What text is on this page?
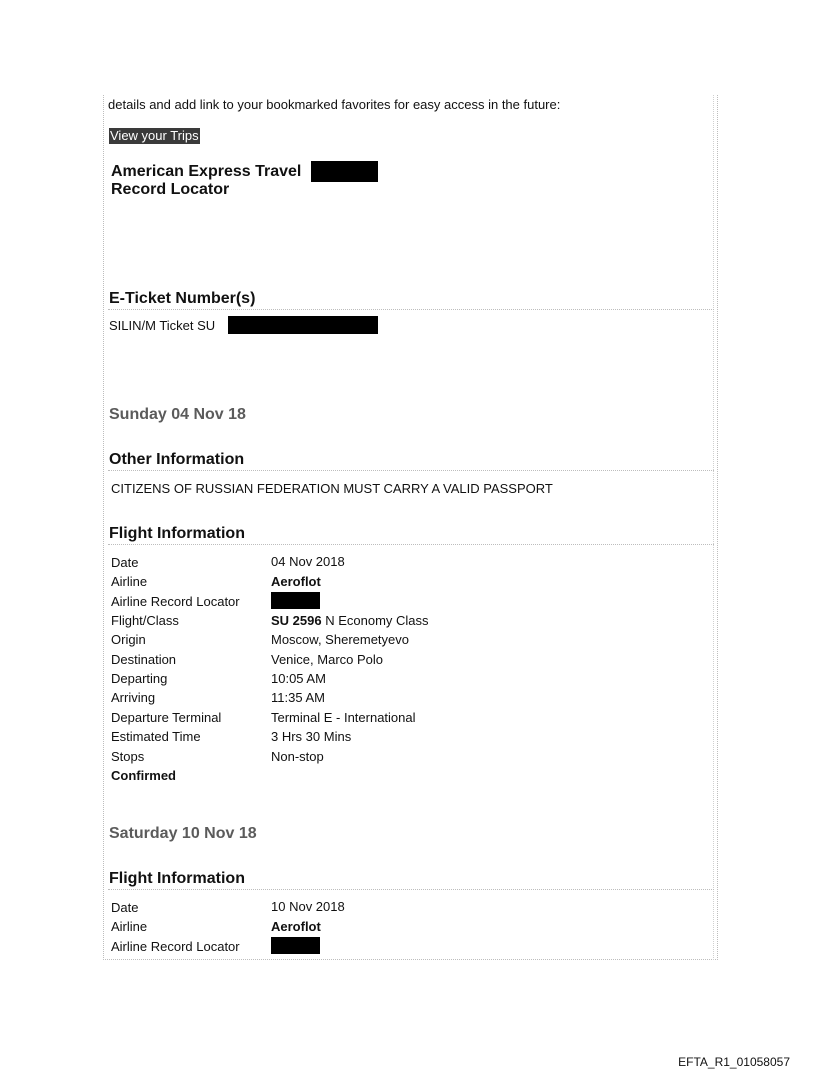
details and add link to your bookmarked favorites for easy access in the future:
View your Trips
American Express Travel
Record Locator
E-Ticket Number(s)
SILIN/M Ticket SU
Sunday 04 Nov 18
Other Information
CITIZENS OF RUSSIAN FEDERATION MUST CARRY A VALID PASSPORT
Flight Information
Date	04 Nov 2018
Airline	Aeroflot
Airline Record Locator
Flight/Class	SU 2596 N Economy Class
Origin	Moscow, Sheremetyevo
Destination	Venice, Marco Polo
Departing	10:05 AM
Arriving	11:35 AM
Departure Terminal	Terminal E - International
Estimated Time	3 Hrs 30 Mins
Stops	Non-stop
Confirmed
Saturday 10 Nov 18
Flight Information
Date	10 Nov 2018
Airline	Aeroflot
Airline Record Locator
EFTA_R1_01058057
